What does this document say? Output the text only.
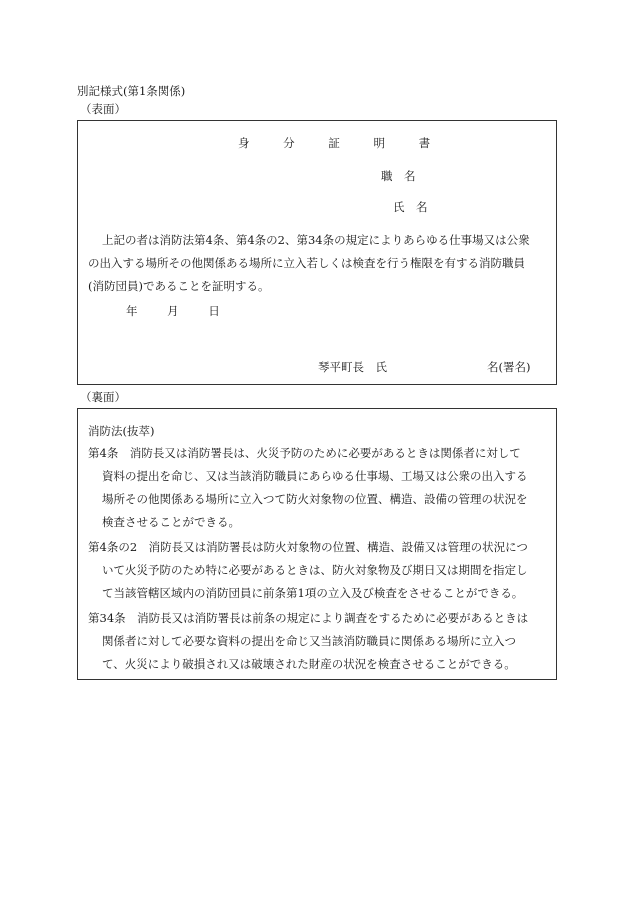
別記様式(第1条関係)
（表面）
身	分	証	明	書
職　名
氏　名
上記の者は消防法第4条、第4条の2、第34条の規定によりあらゆる仕事場又は公衆
の出入する場所その他関係ある場所に立入若しくは検査を行う権限を有する消防職員
(消防団員)であることを証明する。
年	月	日
琴平町長　氏	名(署名)
（裏面）
消防法(抜萃)
第4条　消防長又は消防署長は、火災予防のために必要があるときは関係者に対して
資料の提出を命じ、又は当該消防職員にあらゆる仕事場、工場又は公衆の出入する
場所その他関係ある場所に立入つて防火対象物の位置、構造、設備の管理の状況を
検査させることができる。
第4条の2　消防長又は消防署長は防火対象物の位置、構造、設備又は管理の状況につ
いて火災予防のため特に必要があるときは、防火対象物及び期日又は期間を指定し
て当該管轄区域内の消防団員に前条第1項の立入及び検査をさせることができる。
第34条　消防長又は消防署長は前条の規定により調査をするために必要があるときは
関係者に対して必要な資料の提出を命じ又当該消防職員に関係ある場所に立入つ
て、火災により破損され又は破壊された財産の状況を検査させることができる。
